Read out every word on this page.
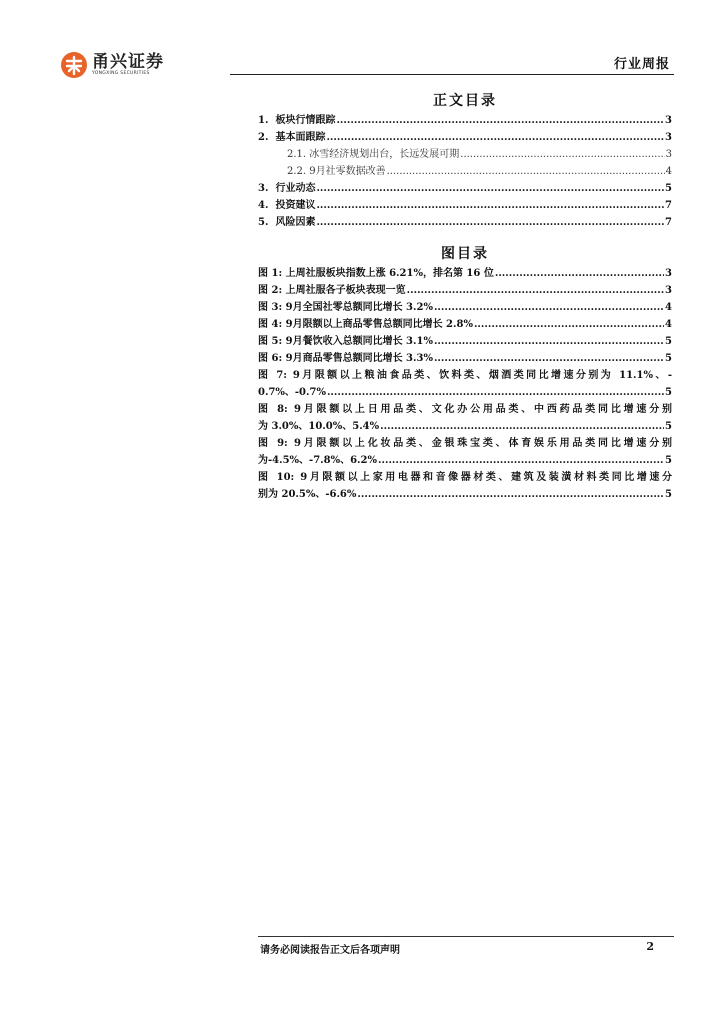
甬兴证券
YONGXING SECURITIES
行业周报
正文目录
1. 板块行情跟踪 .....	3
2. 基本面跟踪 .....	3
2.1. 冰雪经济规划出台，长远发展可期 .....	3
2.2. 9月社零数据改善 .....	4
3. 行业动态 .....	5
4. 投资建议 .....	7
5. 风险因素 .....	7
图目录
图 1: 上周社服板块指数上涨 6.21%，排名第 16 位 .....	3
图 2: 上周社服各子板块表现一览 .....	3
图 3: 9月全国社零总额同比增长 3.2% .....	4
图 4: 9月限额以上商品零售总额同比增长 2.8% .....	4
图 5: 9月餐饮收入总额同比增长 3.1% .....	5
图 6: 9月商品零售总额同比增长 3.3% .....	5
图 7: 9月限额以上粮油食品类、饮料类、烟酒类同比增速分别为 11.1%、-
0.7%、-0.7% .....	5
图 8: 9月限额以上日用品类、文化办公用品类、中西药品类同比增速分别
为 3.0%、10.0%、5.4% .....	5
图 9: 9月限额以上化妆品类、金银珠宝类、体育娱乐用品类同比增速分别
为-4.5%、-7.8%、6.2% .....	5
图 10: 9月限额以上家用电器和音像器材类、建筑及装潢材料类同比增速分
别为 20.5%、-6.6% .....	5
请务必阅读报告正文后各项声明	2
